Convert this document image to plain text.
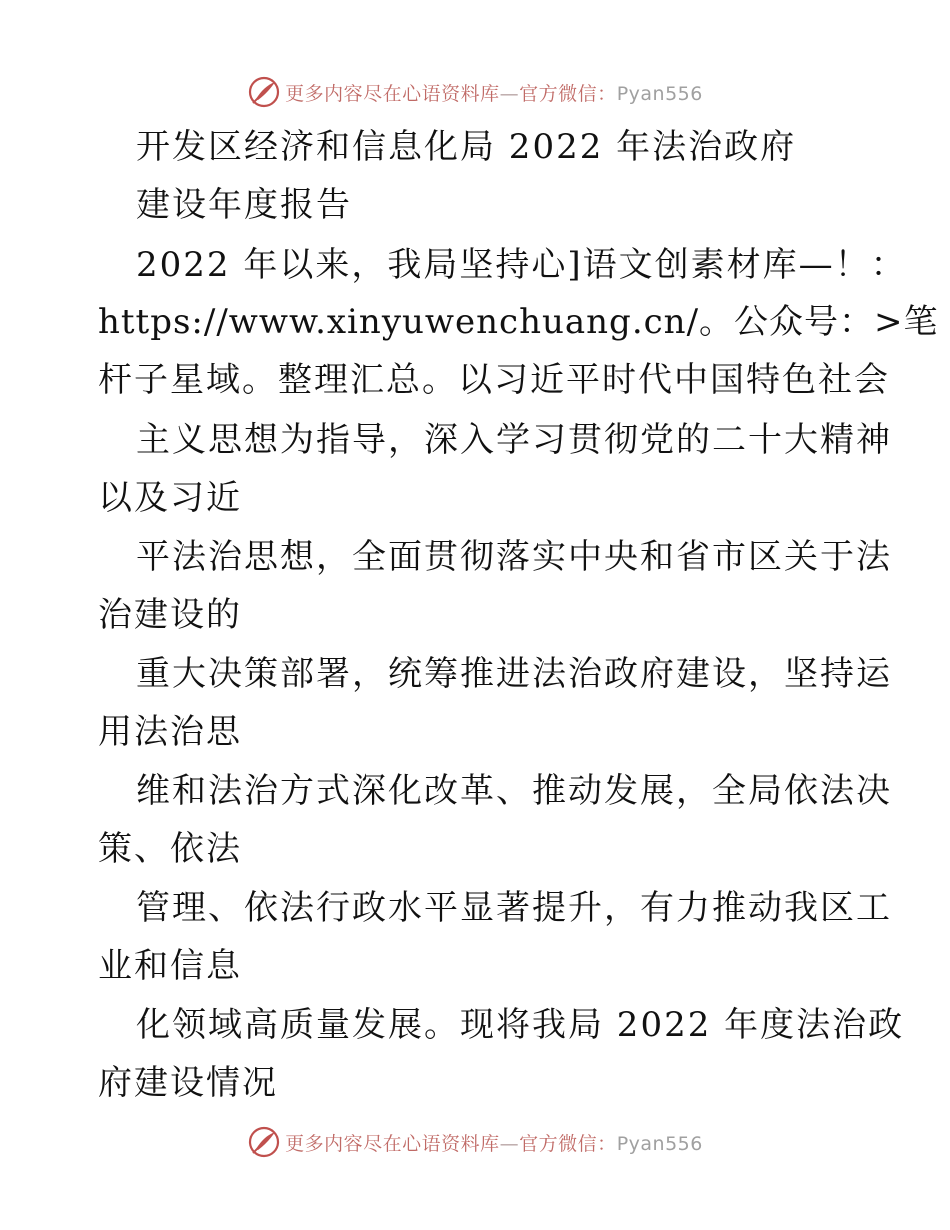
更多内容尽在心语资料库—官方微信：Pyan556
开发区经济和信息化局 2022 年法治政府
建设年度报告
2022 年以来，我局坚持心]语文创素材库—！：
https://www.xinyuwenchuang.cn/。公众号：>笔
杆子星域。整理汇总。以习近平时代中国特色社会
主义思想为指导，深入学习贯彻党的二十大精神
以及习近
平法治思想，全面贯彻落实中央和省市区关于法
治建设的
重大决策部署，统筹推进法治政府建设，坚持运
用法治思
维和法治方式深化改革、推动发展，全局依法决
策、依法
管理、依法行政水平显著提升，有力推动我区工
业和信息
化领域高质量发展。现将我局 2022 年度法治政
府建设情况
更多内容尽在心语资料库—官方微信：Pyan556
